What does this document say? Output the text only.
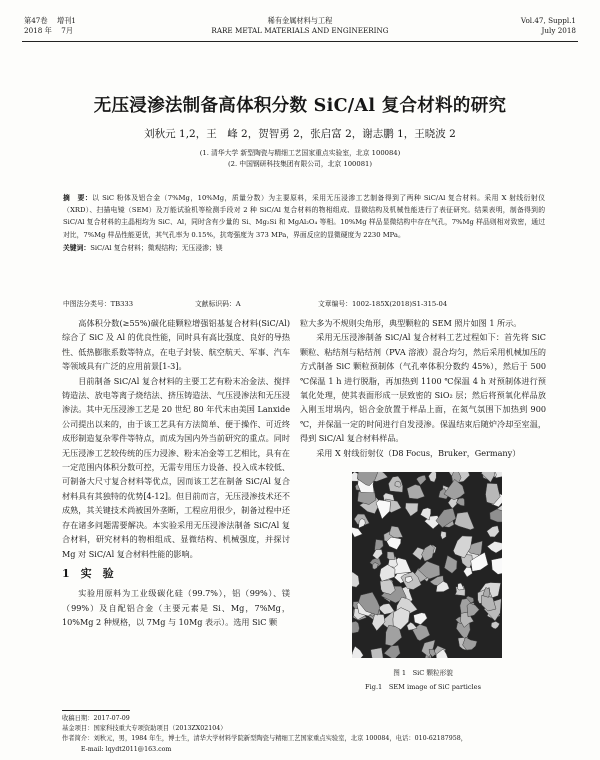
第47卷  增刊1
2018 年  7月
稀有金属材料与工程
RARE METAL MATERIALS AND ENGINEERING
Vol.47, Suppl.1
July 2018
无压浸渗法制备高体积分数 SiC/Al 复合材料的研究
刘秋元 1,2，王　峰 2，贺智勇 2，张启富 2，谢志鹏 1，王晓波 2
(1. 清华大学 新型陶瓷与精细工艺国家重点实验室，北京 100084)
(2. 中国钢研科技集团有限公司，北京 100081)
摘　要：以 SiC 粉体及铝合金（7%Mg，10%Mg，质量分数）为主要原料，采用无压浸渗工艺制备得到了两种 SiC/Al 复合材料。采用 X 射线衍射仪（XRD）、扫描电镜（SEM）及万能试验机等检测手段对 2 种 SiC/Al 复合材料的物相组成、显微结构及机械性能进行了表征研究。结果表明，制备得到的 SiC/Al 复合材料的主晶相均为 SiC、Al，同时含有少量的 Si、Mg₂Si 和 MgAl₂O₄ 等相。10%Mg 样品显微结构中存在气孔，7%Mg 样品则相对致密，通过对比，7%Mg 样品性能更优，其气孔率为 0.15%，抗弯强度为 373 MPa，界面反应的显微硬度为 2230 MPa。
关键词：SiC/Al 复合材料；微观结构；无压浸渗；镁
中图法分类号：TB333	文献标识码：A	文章编号：1002-185X(2018)S1-315-04

高体积分数(≥55%)碳化硅颗粒增强铝基复合材料(SiC/Al)综合了 SiC 及 Al 的优良性能，同时具有高比强度、良好的导热性、低热膨胀系数等特点，在电子封装、航空航天、军事、汽车等领域具有广泛的应用前景[1-3]。

目前制备 SiC/Al 复合材料的主要工艺有粉末冶金法、搅拌铸造法、放电等离子烧结法、挤压铸造法、气压浸渗法和无压浸渗法。其中无压浸渗工艺是 20 世纪 80 年代末由美国 Lanxide 公司提出以来的，由于该工艺具有方法简单、便于操作、可近终成形制造复杂零件等特点，而成为国内外当前研究的重点。同时无压浸渗工艺较传统的压力浸渗、粉末冶金等工艺相比，具有在一定范围内体积分数可控，无需专用压力设备、投入成本较低、可制备大尺寸复合材料等优点，因而该工艺在制备 SiC/Al 复合材料具有其独特的优势[4-12]。但目前而言，无压浸渗技术还不成熟，其关键技术尚被国外垄断，工程应用很少，制备过程中还存在诸多问题需要解决。本实验采用无压浸渗法制备 SiC/Al 复合材料，研究材料的物相组成、显微结构、机械强度，并探讨 Mg 对 SiC/Al 复合材料性能的影响。

1　实　验

实验用原料为工业级碳化硅（99.7%），铝（99%）、镁（99%）及自配铝合金（主要元素是 Si、Mg，7%Mg，10%Mg 2 种规格，以 7Mg 与 10Mg 表示）。选用 SiC 颗

粒大多为不规则尖角形，典型颗粒的 SEM 照片如图 1 所示。

采用无压浸渗制备 SiC/Al 复合材料工艺过程如下：首先将 SiC 颗粒、粘结剂与粘结剂（PVA 溶液）混合均匀，然后采用机械加压的方式制备 SiC 颗粒预制体（气孔率体积分数约 45%），然后于 500 ℃保温 1 h 进行脱脂，再加热到 1100 ℃保温 4 h 对预制体进行预氧化处理，使其表面形成一层致密的 SiO₂ 层；然后将预氧化样品放入刚玉坩埚内，铝合金放置于样品上面，在氮气氛围下加热到 900 ℃，并保温一定的时间进行自发浸渗。保温结束后随炉冷却至室温，得到 SiC/Al 复合材料样品。

采用 X 射线衍射仪（D8 Focus，Bruker，Germany）

图 1　SiC 颗粒形貌
Fig.1　SEM image of SiC particles
收稿日期：2017-07-09
基金项目：国家科技重大专项资助项目（2013ZX02104）
作者简介：刘秋元，男，1984 年生，博士生，清华大学材料学院新型陶瓷与精细工艺国家重点实验室，北京 100084，电话：010-62187958，
E-mail: lqydt2011@163.com
